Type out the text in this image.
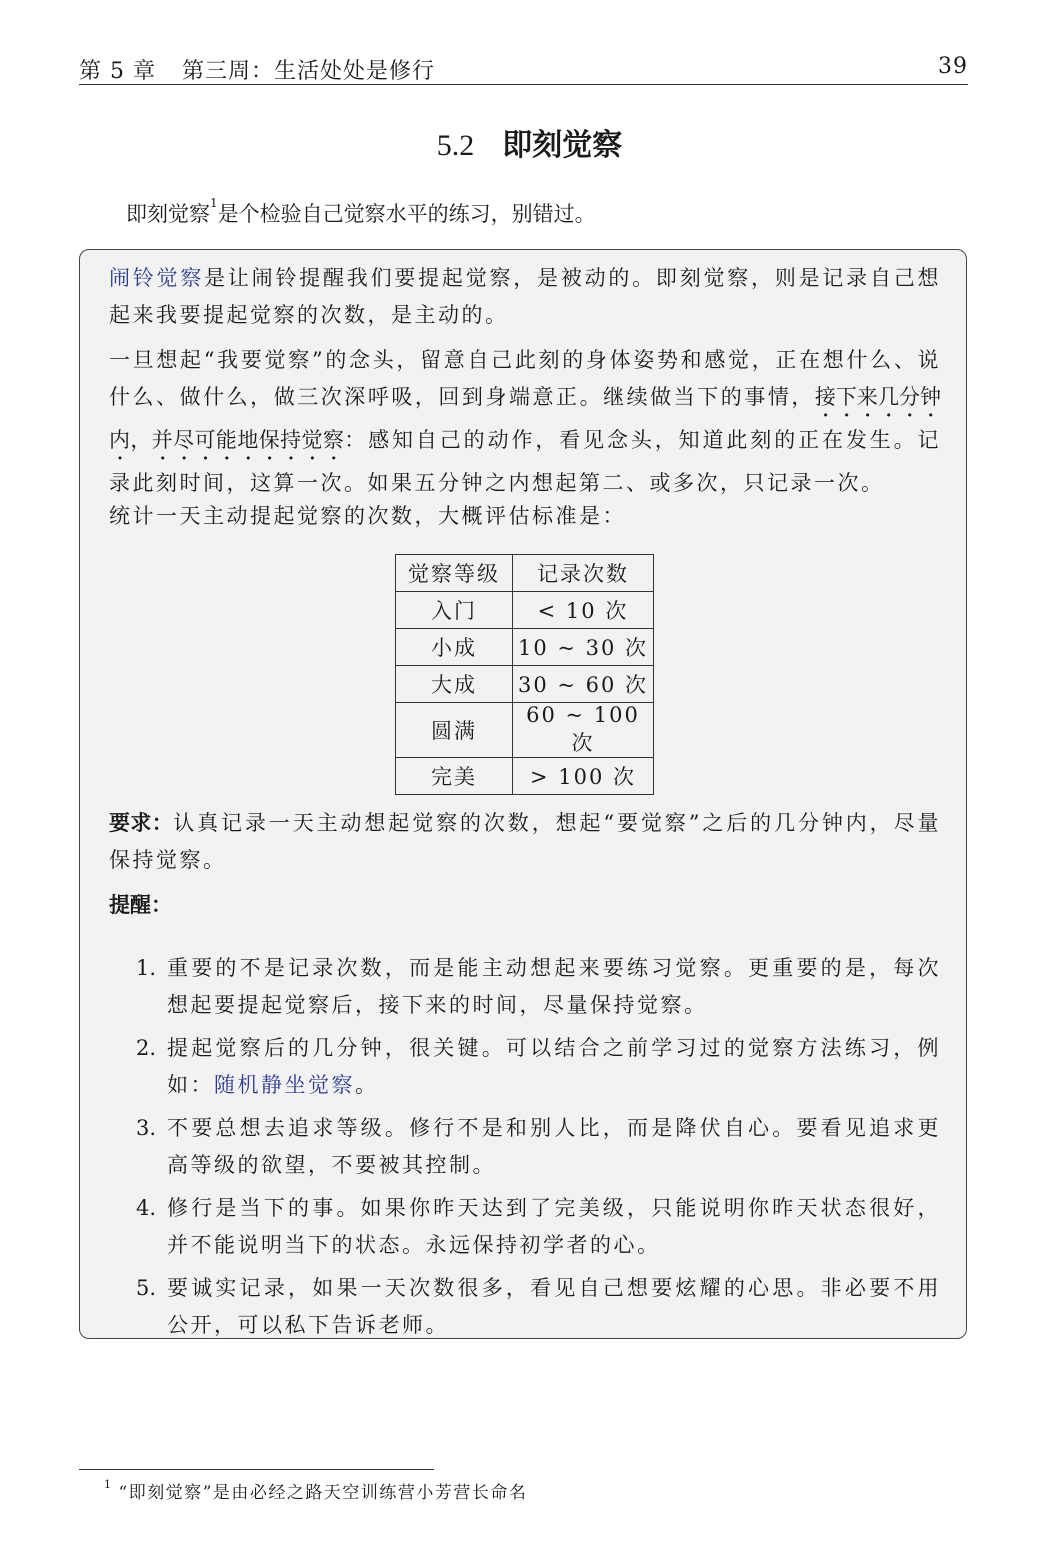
第 5 章 第三周：生活处处是修行	39
5.2 即刻觉察
即刻觉察$^1$是个检验自己觉察水平的练习，别错过。
闹铃觉察是让闹铃提醒我们要提起觉察，是被动的。即刻觉察，则是记录自己想起来我要提起觉察的次数，是主动的。
一旦想起“我要觉察”的念头，留意自己此刻的身体姿势和感觉，正在想什么、说什么、做什么，做三次深呼吸，回到身端意正。继续做当下的事情，接下来几分钟内，并尽可能地保持觉察：感知自己的动作，看见念头，知道此刻的正在发生。记录此刻时间，这算一次。如果五分钟之内想起第二、或多次，只记录一次。
统计一天主动提起觉察的次数，大概评估标准是：
觉察等级	记录次数
入门	< 10 次
小成	10 ~ 30 次
大成	30 ~ 60 次
圆满	60 ~ 100 次
完美	> 100 次
要求：认真记录一天主动想起觉察的次数，想起“要觉察”之后的几分钟内，尽量保持觉察。
提醒：
1. 重要的不是记录次数，而是能主动想起来要练习觉察。更重要的是，每次想起要提起觉察后，接下来的时间，尽量保持觉察。
2. 提起觉察后的几分钟，很关键。可以结合之前学习过的觉察方法练习，例如：随机静坐觉察。
3. 不要总想去追求等级。修行不是和别人比，而是降伏自心。要看见追求更高等级的欲望，不要被其控制。
4. 修行是当下的事。如果你昨天达到了完美级，只能说明你昨天状态很好，并不能说明当下的状态。永远保持初学者的心。
5. 要诚实记录，如果一天次数很多，看见自己想要炫耀的心思。非必要不用公开，可以私下告诉老师。
$^1$ “即刻觉察”是由必经之路天空训练营小芳营长命名
